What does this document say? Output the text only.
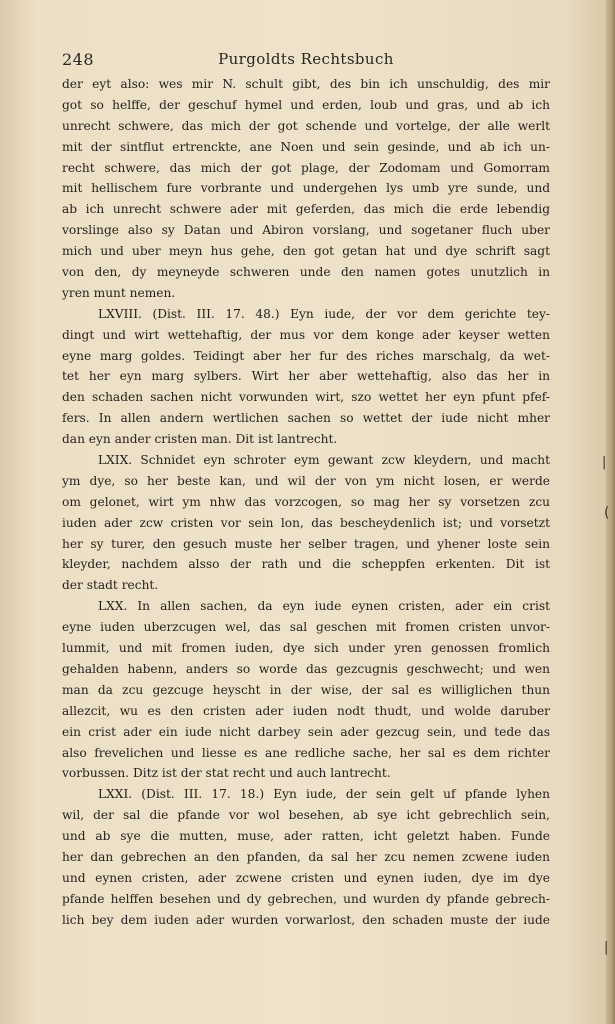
248	Purgoldts Rechtsbuch
der eyt also: wes mir N. schult gibt, des bin ich unschuldig, des mir
got so helffe, der geschuf hymel und erden, loub und gras, und ab ich
unrecht schwere, das mich der got schende und vortelge, der alle werlt
mit der sintflut ertrenckte, ane Noen und sein gesinde, und ab ich un-
recht schwere, das mich der got plage, der Zodomam und Gomorram
mit hellischem fure vorbrante und undergehen lys umb yre sunde, und
ab ich unrecht schwere ader mit geferden, das mich die erde lebendig
vorslinge also sy Datan und Abiron vorslang, und sogetaner fluch uber
mich und uber meyn hus gehe, den got getan hat und dye schrift sagt
von den, dy meyneyde schweren unde den namen gotes unutzlich in
yren munt nemen.
LXVIII. (Dist. III. 17. 48.) Eyn iude, der vor dem gerichte tey-
dingt und wirt wettehaftig, der mus vor dem konge ader keyser wetten
eyne marg goldes. Teidingt aber her fur des riches marschalg, da wet-
tet her eyn marg sylbers. Wirt her aber wettehaftig, also das her in
den schaden sachen nicht vorwunden wirt, szo wettet her eyn pfunt pfef-
fers. In allen andern wertlichen sachen so wettet der iude nicht mher
dan eyn ander cristen man. Dit ist lantrecht.
LXIX. Schnidet eyn schroter eym gewant zcw kleydern, und macht
ym dye, so her beste kan, und wil der von ym nicht losen, er werde
om gelonet, wirt ym nhw das vorzcogen, so mag her sy vorsetzen zcu
iuden ader zcw cristen vor sein lon, das bescheydenlich ist; und vorsetzt
her sy turer, den gesuch muste her selber tragen, und yhener loste sein
kleyder, nachdem alsso der rath und die scheppfen erkenten. Dit ist
der stadt recht.
LXX. In allen sachen, da eyn iude eynen cristen, ader ein crist
eyne iuden uberzcugen wel, das sal geschen mit fromen cristen unvor-
lummit, und mit fromen iuden, dye sich under yren genossen fromlich
gehalden habenn, anders so worde das gezcugnis geschwecht; und wen
man da zcu gezcuge heyscht in der wise, der sal es williglichen thun
allezcit, wu es den cristen ader iuden nodt thudt, und wolde daruber
ein crist ader ein iude nicht darbey sein ader gezcug sein, und tede das
also frevelichen und liesse es ane redliche sache, her sal es dem richter
vorbussen. Ditz ist der stat recht und auch lantrecht.
LXXI. (Dist. III. 17. 18.) Eyn iude, der sein gelt uf pfande lyhen
wil, der sal die pfande vor wol besehen, ab sye icht gebrechlich sein,
und ab sye die mutten, muse, ader ratten, icht geletzt haben. Funde
her dan gebrechen an den pfanden, da sal her zcu nemen zcwene iuden
und eynen cristen, ader zcwene cristen und eynen iuden, dye im dye
pfande helffen besehen und dy gebrechen, und wurden dy pfande gebrech-
lich bey dem iuden ader wurden vorwarlost, den schaden muste der iude
|
(
|
